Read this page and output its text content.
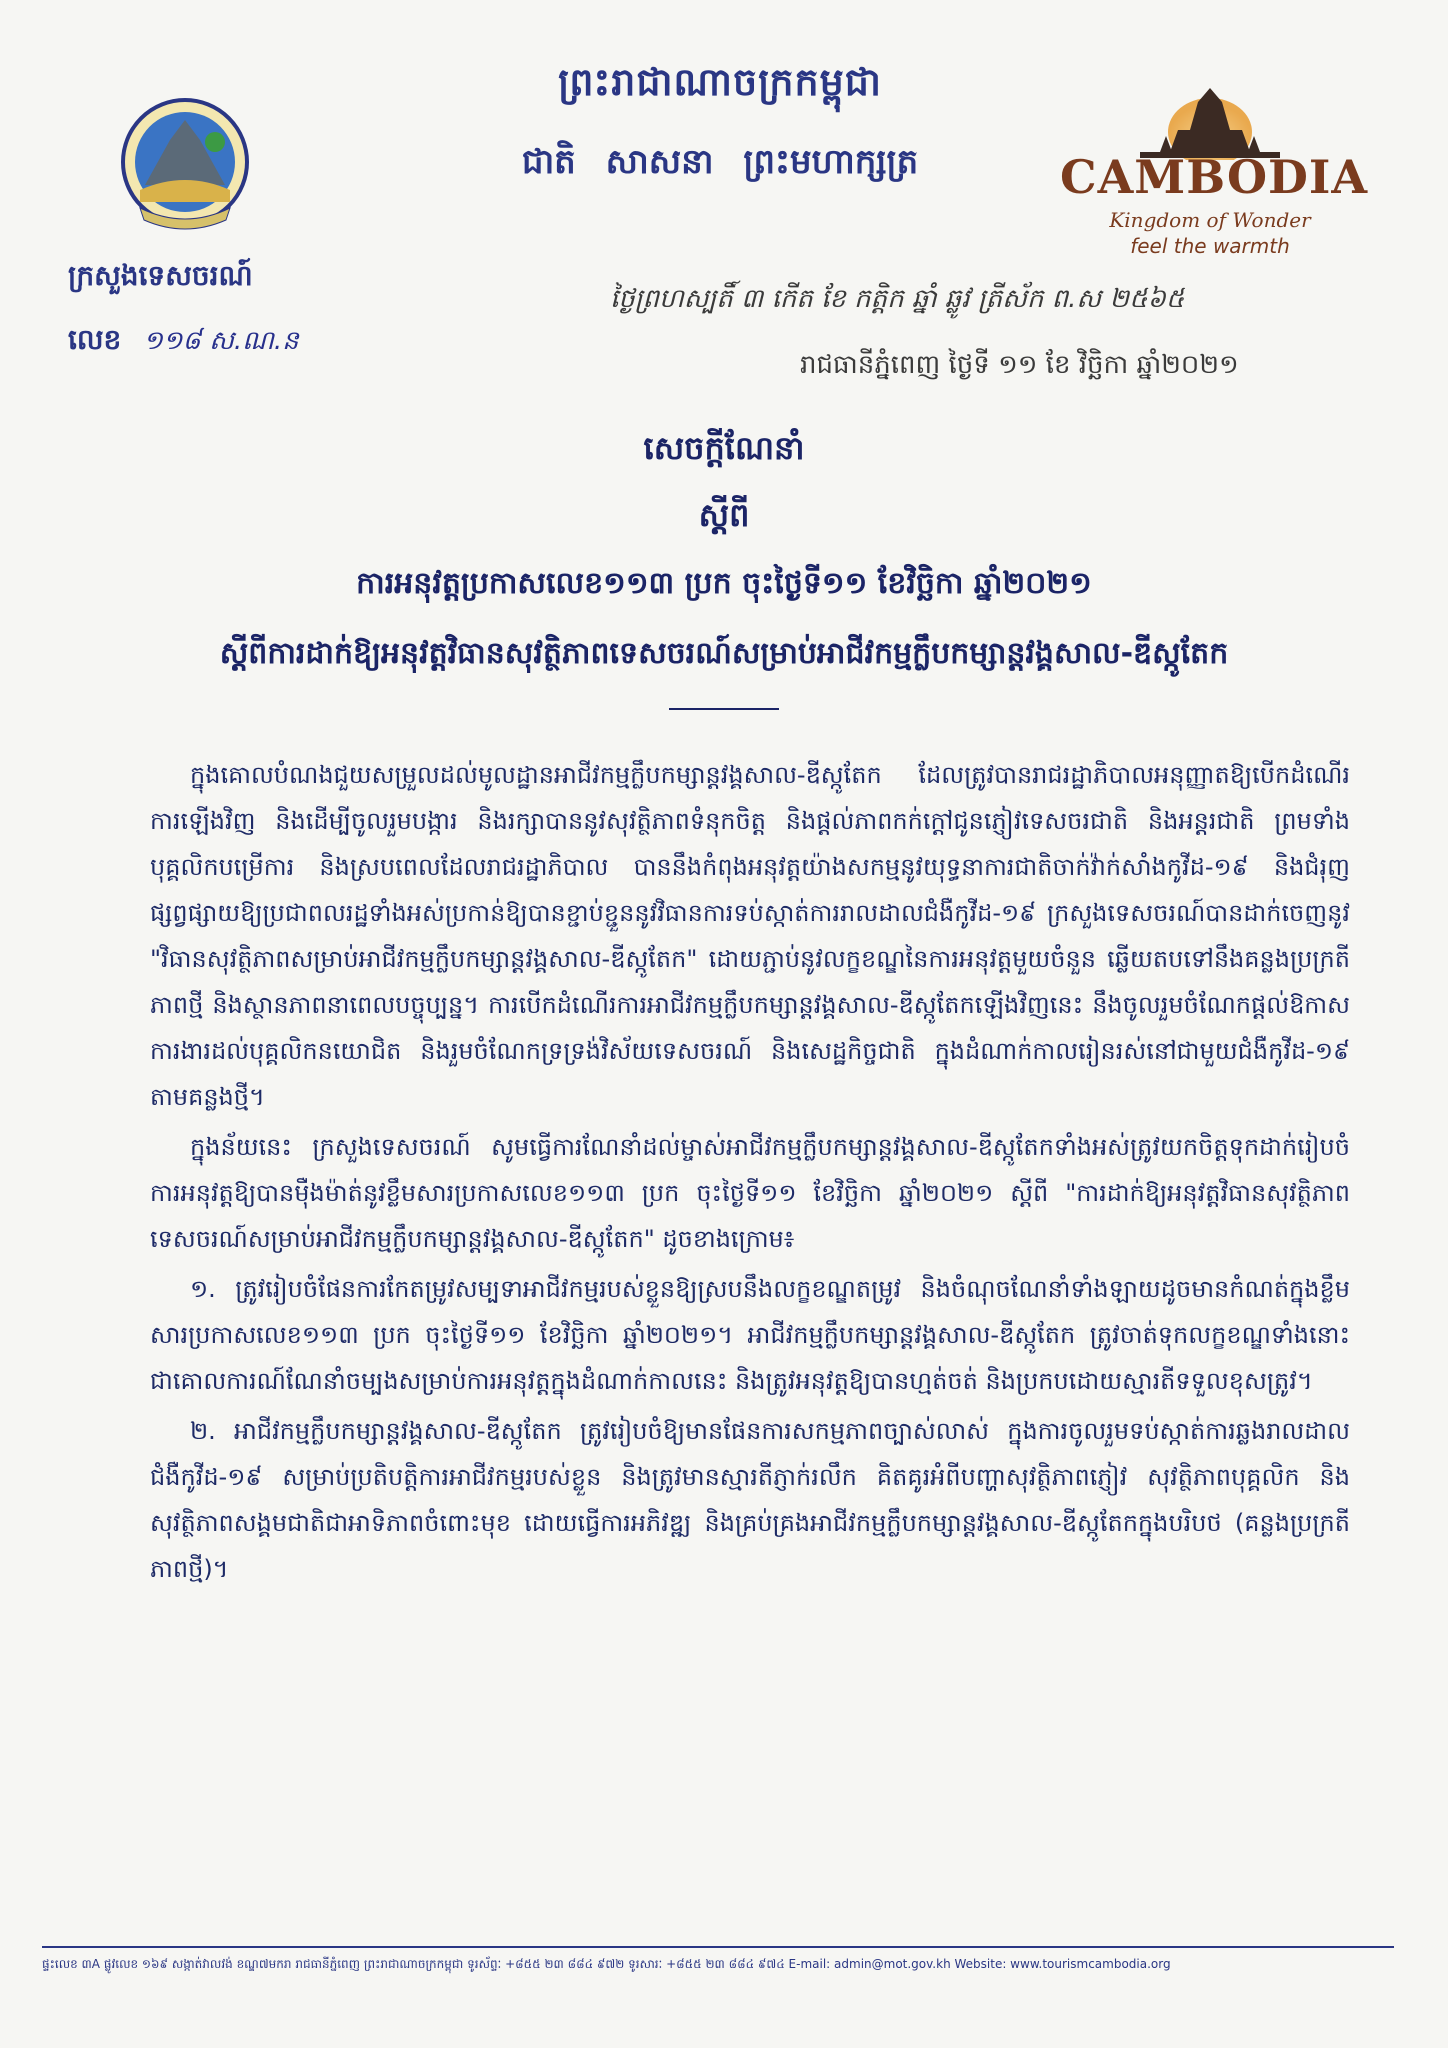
ក្រសួងទេសចរណ៍
លេខ ១១៨ ស.ណ.ន
ព្រះរាជាណាចក្រកម្ពុជា
ជាតិ សាសនា ព្រះមហាក្សត្រ	CAMBODIA
Kingdom of Wonder
feel the warmth
ថ្ងៃព្រហស្បតិ៍ ៣ កើត ខែ កត្តិក ឆ្នាំ ឆ្លូវ ត្រីស័ក ព.ស ២៥៦៥
រាជធានីភ្នំពេញ ថ្ងៃទី ១១ ខែ វិច្ឆិកា ឆ្នាំ២០២១
សេចក្ដីណែនាំ
ស្ដីពី
ការអនុវត្តប្រកាសលេខ១១៣ ប្រក ចុះថ្ងៃទី១១ ខែវិច្ឆិកា ឆ្នាំ២០២១
ស្ដីពីការដាក់ឱ្យអនុវត្តវិធានសុវត្ថិភាពទេសចរណ៍សម្រាប់អាជីវកម្មក្លឹបកម្សាន្តវង្គសាល-ឌីស្កូតែក

ក្នុងគោលបំណងជួយសម្រួលដល់មូលដ្ឋានអាជីវកម្មក្លឹបកម្សាន្តវង្គសាល-ឌីស្កូតែក ដែលត្រូវបានរាជរដ្ឋាភិបាលអនុញ្ញាតឱ្យបើកដំណើរការឡើងវិញ និងដើម្បីចូលរួមបង្ការ និងរក្សាបាននូវសុវត្ថិភាពទំនុកចិត្ត និងផ្ដល់ភាពកក់ក្ដៅជូនភ្ញៀវទេសចរជាតិ និងអន្តរជាតិ ព្រមទាំងបុគ្គលិកបម្រើការ និងស្របពេលដែលរាជរដ្ឋាភិបាល បាននឹងកំពុងអនុវត្តយ៉ាងសកម្មនូវយុទ្ធនាការជាតិចាក់វ៉ាក់សាំងកូវីដ-១៩ និងជំរុញផ្សព្វផ្សាយឱ្យប្រជាពលរដ្ឋទាំងអស់ប្រកាន់ឱ្យបានខ្ជាប់ខ្ជួននូវវិធានការទប់ស្កាត់ការរាលដាលជំងឺកូវីដ-១៩ ក្រសួងទេសចរណ៍បានដាក់ចេញនូវ "វិធានសុវត្ថិភាពសម្រាប់អាជីវកម្មក្លឹបកម្សាន្តវង្គសាល-ឌីស្កូតែក" ដោយភ្ជាប់នូវលក្ខខណ្ឌនៃការអនុវត្តមួយចំនួន ឆ្លើយតបទៅនឹងគន្លងប្រក្រតីភាពថ្មី និងស្ថានភាពនាពេលបច្ចុប្បន្ន។ ការបើកដំណើរការអាជីវកម្មក្លឹបកម្សាន្តវង្គសាល-ឌីស្កូតែកឡើងវិញនេះ នឹងចូលរួមចំណែកផ្ដល់ឱកាសការងារដល់បុគ្គលិកនយោជិត និងរួមចំណែកទ្រទ្រង់វិស័យទេសចរណ៍ និងសេដ្ឋកិច្ចជាតិ ក្នុងដំណាក់កាលរៀនរស់នៅជាមួយជំងឺកូវីដ-១៩ តាមគន្លងថ្មី។

ក្នុងន័យនេះ ក្រសួងទេសចរណ៍ សូមធ្វើការណែនាំដល់ម្ចាស់អាជីវកម្មក្លឹបកម្សាន្តវង្គសាល-ឌីស្កូតែកទាំងអស់ត្រូវយកចិត្តទុកដាក់រៀបចំការអនុវត្តឱ្យបានម៉ឺងម៉ាត់នូវខ្លឹមសារប្រកាសលេខ១១៣ ប្រក ចុះថ្ងៃទី១១ ខែវិច្ឆិកា ឆ្នាំ២០២១ ស្ដីពី "ការដាក់ឱ្យអនុវត្តវិធានសុវត្ថិភាពទេសចរណ៍សម្រាប់អាជីវកម្មក្លឹបកម្សាន្តវង្គសាល-ឌីស្កូតែក" ដូចខាងក្រោម៖

១. ត្រូវរៀបចំផែនការកែតម្រូវសម្បទាអាជីវកម្មរបស់ខ្លួនឱ្យស្របនឹងលក្ខខណ្ឌតម្រូវ និងចំណុចណែនាំទាំងឡាយដូចមានកំណត់ក្នុងខ្លឹមសារប្រកាសលេខ១១៣ ប្រក ចុះថ្ងៃទី១១ ខែវិច្ឆិកា ឆ្នាំ២០២១។ អាជីវកម្មក្លឹបកម្សាន្តវង្គសាល-ឌីស្កូតែក ត្រូវចាត់ទុកលក្ខខណ្ឌទាំងនោះជាគោលការណ៍ណែនាំចម្បងសម្រាប់ការអនុវត្តក្នុងដំណាក់កាលនេះ និងត្រូវអនុវត្តឱ្យបានហ្មត់ចត់ និងប្រកបដោយស្មារតីទទួលខុសត្រូវ។

២. អាជីវកម្មក្លឹបកម្សាន្តវង្គសាល-ឌីស្កូតែក ត្រូវរៀបចំឱ្យមានផែនការសកម្មភាពច្បាស់លាស់ ក្នុងការចូលរួមទប់ស្កាត់ការឆ្លងរាលដាលជំងឺកូវីដ-១៩ សម្រាប់ប្រតិបត្តិការអាជីវកម្មរបស់ខ្លួន និងត្រូវមានស្មារតីភ្ញាក់រលឹក គិតគូរអំពីបញ្ហាសុវត្ថិភាពភ្ញៀវ សុវត្ថិភាពបុគ្គលិក និងសុវត្ថិភាពសង្គមជាតិជាអាទិភាពចំពោះមុខ ដោយធ្វើការអភិវឌ្ឍ និងគ្រប់គ្រងអាជីវកម្មក្លឹបកម្សាន្តវង្គសាល-ឌីស្កូតែកក្នុងបរិបថ (គន្លងប្រក្រតីភាពថ្មី)។

ផ្ទះលេខ ៣A ផ្លូវលេខ ១៦៩ សង្កាត់វាលវង់ ខណ្ឌ៧មករា រាជធានីភ្នំពេញ ព្រះរាជាណាចក្រកម្ពុជា ទូរស័ព្ទៈ +៨៥៥ ២៣ ៨៨៤ ៩៧២ ទូរសារៈ +៨៥៥ ២៣ ៨៨៤ ៩៧៤ E-mail: admin@mot.gov.kh Website: www.tourismcambodia.org
